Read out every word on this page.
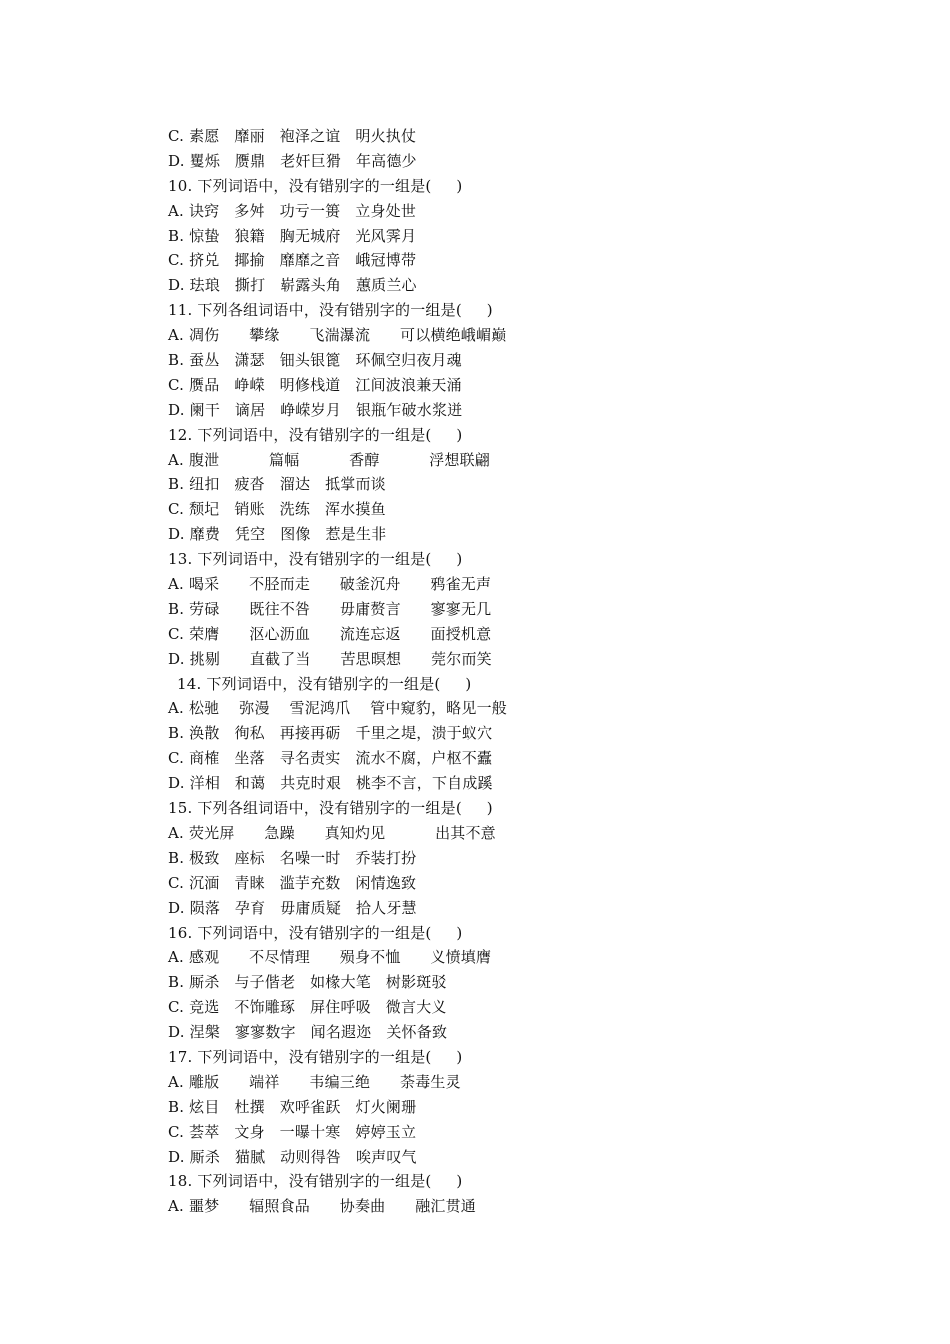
C. 素愿   靡丽   袍泽之谊   明火执仗
D. 矍烁   赝鼎   老奸巨猾   年高德少
10. 下列词语中，没有错别字的一组是(     )
A. 诀窍   多舛   功亏一篑   立身处世
B. 惊蛰   狼籍   胸无城府   光风霁月
C. 挤兑   揶揄   靡靡之音   峨冠博带
D. 珐琅   撕打   崭露头角   蕙质兰心
11. 下列各组词语中，没有错别字的一组是(     )
A. 凋伤      攀缘      飞湍瀑流      可以横绝峨嵋巅
B. 蚕丛   潇瑟   钿头银篦   环佩空归夜月魂
C. 赝品   峥嵘   明修栈道   江间波浪兼天涌
D. 阑干   谪居   峥嵘岁月   银瓶乍破水浆迸
12. 下列词语中，没有错别字的一组是(     )
A. 腹泄          篇幅          香醇          浮想联翩
B. 纽扣   疲沓   溜达   抵掌而谈
C. 颓圮   销账   洗练   浑水摸鱼
D. 靡费   凭空   图像   惹是生非
13. 下列词语中，没有错别字的一组是(     )
A. 喝采      不胫而走      破釜沉舟      鸦雀无声
B. 劳碌      既往不咎      毋庸赘言      寥寥无几
C. 荣膺      沤心沥血      流连忘返      面授机意
D. 挑剔      直截了当      苦思暝想      莞尔而笑
14. 下列词语中，没有错别字的一组是(     )
A. 松驰    弥漫    雪泥鸿爪    管中窥豹，略见一般
B. 涣散   徇私   再接再砺   千里之堤，溃于蚁穴
C. 商榷   坐落   寻名责实   流水不腐，户枢不蠹
D. 洋相   和蔼   共克时艰   桃李不言，下自成蹊
15. 下列各组词语中，没有错别字的一组是(     )
A. 荧光屏      急躁      真知灼见          出其不意
B. 极致   座标   名噪一时   乔装打扮
C. 沉湎   青睐   滥芋充数   闲情逸致
D. 陨落   孕育   毋庸质疑   拾人牙慧
16. 下列词语中，没有错别字的一组是(     )
A. 感观      不尽情理      殒身不恤      义愤填膺
B. 厮杀   与子偕老   如椽大笔   树影斑驳
C. 竞选   不饰雕琢   屏住呼吸   微言大义
D. 涅槃   寥寥数字   闻名遐迩   关怀备致
17. 下列词语中，没有错别字的一组是(     )
A. 雕版      端祥      韦编三绝      荼毒生灵
B. 炫目   杜撰   欢呼雀跃   灯火阑珊
C. 荟萃   文身   一曝十寒   婷婷玉立
D. 厮杀   猫腻   动则得咎   唉声叹气
18. 下列词语中，没有错别字的一组是(     )
A. 噩梦      辐照食品      协奏曲      融汇贯通
